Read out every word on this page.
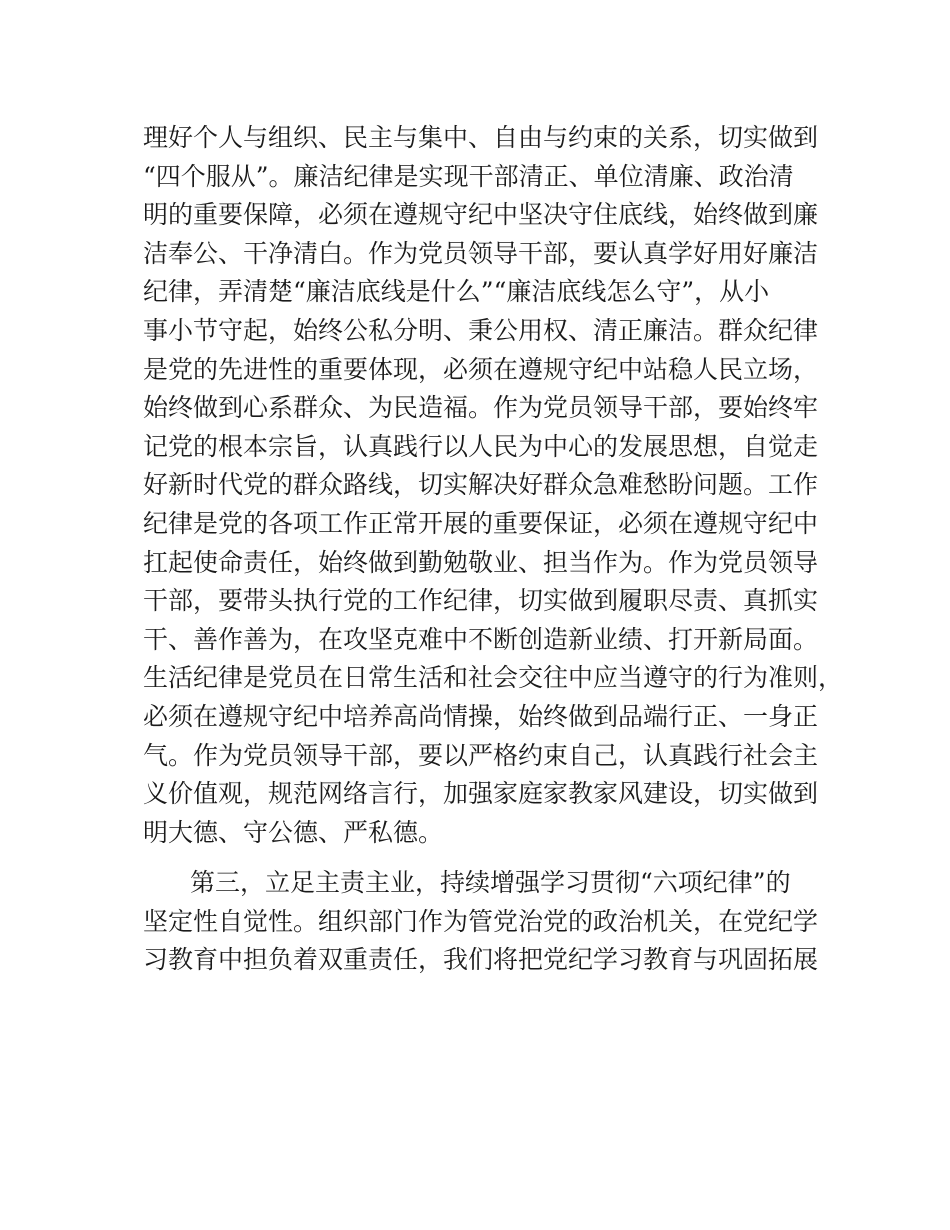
理好个人与组织、民主与集中、自由与约束的关系，切实做到
“四个服从”。廉洁纪律是实现干部清正、单位清廉、政治清
明的重要保障，必须在遵规守纪中坚决守住底线，始终做到廉
洁奉公、干净清白。作为党员领导干部，要认真学好用好廉洁
纪律，弄清楚“廉洁底线是什么”“廉洁底线怎么守”，从小
事小节守起，始终公私分明、秉公用权、清正廉洁。群众纪律
是党的先进性的重要体现，必须在遵规守纪中站稳人民立场，
始终做到心系群众、为民造福。作为党员领导干部，要始终牢
记党的根本宗旨，认真践行以人民为中心的发展思想，自觉走
好新时代党的群众路线，切实解决好群众急难愁盼问题。工作
纪律是党的各项工作正常开展的重要保证，必须在遵规守纪中
扛起使命责任，始终做到勤勉敬业、担当作为。作为党员领导
干部，要带头执行党的工作纪律，切实做到履职尽责、真抓实
干、善作善为，在攻坚克难中不断创造新业绩、打开新局面。
生活纪律是党员在日常生活和社会交往中应当遵守的行为准则，
必须在遵规守纪中培养高尚情操，始终做到品端行正、一身正
气。作为党员领导干部，要以严格约束自己，认真践行社会主
义价值观，规范网络言行，加强家庭家教家风建设，切实做到
明大德、守公德、严私德。
第三，立足主责主业，持续增强学习贯彻“六项纪律”的
坚定性自觉性。组织部门作为管党治党的政治机关，在党纪学
习教育中担负着双重责任，我们将把党纪学习教育与巩固拓展
